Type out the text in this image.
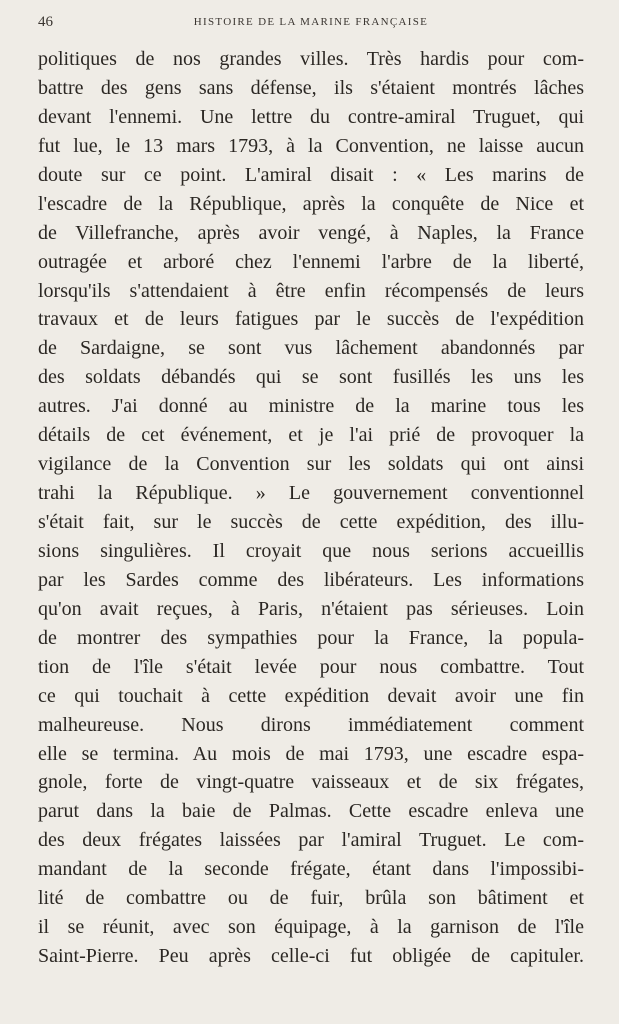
46	HISTOIRE DE LA MARINE FRANÇAISE
politiques de nos grandes villes. Très hardis pour com-
battre des gens sans défense, ils s'étaient montrés lâches
devant l'ennemi. Une lettre du contre-amiral Truguet, qui
fut lue, le 13 mars 1793, à la Convention, ne laisse aucun
doute sur ce point. L'amiral disait : « Les marins de
l'escadre de la République, après la conquête de Nice et
de Villefranche, après avoir vengé, à Naples, la France
outragée et arboré chez l'ennemi l'arbre de la liberté,
lorsqu'ils s'attendaient à être enfin récompensés de leurs
travaux et de leurs fatigues par le succès de l'expédition
de Sardaigne, se sont vus lâchement abandonnés par
des soldats débandés qui se sont fusillés les uns les
autres. J'ai donné au ministre de la marine tous les
détails de cet événement, et je l'ai prié de provoquer la
vigilance de la Convention sur les soldats qui ont ainsi
trahi la République. » Le gouvernement conventionnel
s'était fait, sur le succès de cette expédition, des illu-
sions singulières. Il croyait que nous serions accueillis
par les Sardes comme des libérateurs. Les informations
qu'on avait reçues, à Paris, n'étaient pas sérieuses. Loin
de montrer des sympathies pour la France, la popula-
tion de l'île s'était levée pour nous combattre. Tout
ce qui touchait à cette expédition devait avoir une fin
malheureuse. Nous dirons immédiatement comment
elle se termina. Au mois de mai 1793, une escadre espa-
gnole, forte de vingt-quatre vaisseaux et de six frégates,
parut dans la baie de Palmas. Cette escadre enleva une
des deux frégates laissées par l'amiral Truguet. Le com-
mandant de la seconde frégate, étant dans l'impossibi-
lité de combattre ou de fuir, brûla son bâtiment et
il se réunit, avec son équipage, à la garnison de l'île
Saint-Pierre. Peu après celle-ci fut obligée de capituler.
